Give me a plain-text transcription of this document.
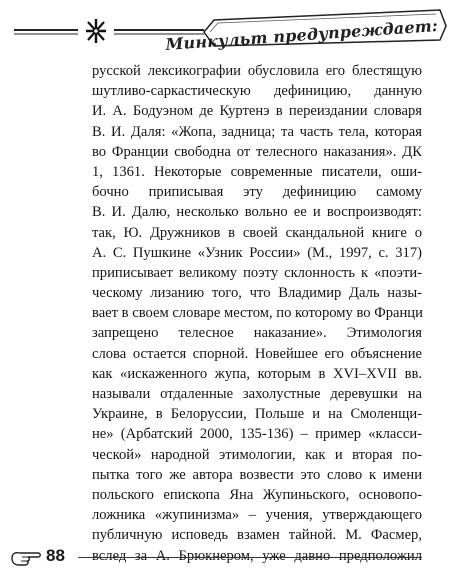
Минкульт предупреждает:
русской лексикографии обусловила его блестящую
шутливо-саркастическую дефиницию, данную
И. А. Бодуэном де Куртенэ в переиздании словаря
В. И. Даля: «Жопа, задница; та часть тела, которая
во Франции свободна от телесного наказания». ДК
1, 1361. Некоторые современные писатели, оши-
бочно приписывая эту дефиницию самому
В. И. Далю, несколько вольно ее и воспроизводят:
так, Ю. Дружников в своей скандальной книге о
А. С. Пушкине «Узник России» (М., 1997, с. 317)
приписывает великому поэту склонность к «поэти-
ческому лизанию того, что Владимир Даль назы-
вает в своем словаре местом, по которому во Франци
запрещено телесное наказание». Этимология
слова остается спорной. Новейшее его объяснение
как «искаженного жупа, которым в XVI–XVII вв.
называли отдаленные захолустные деревушки на
Украине, в Белоруссии, Польше и на Смоленщи-
не» (Арбатский 2000, 135-136) – пример «класси-
ческой» народной этимологии, как и вторая по-
пытка того же автора возвести это слово к имени
польского епископа Яна Жупиньского, основопо-
ложника «жупинизма» – учения, утверждающего
публичную исповедь взамен тайной. М. Фасмер,
вслед за А. Брюкнером, уже давно предположил
88
